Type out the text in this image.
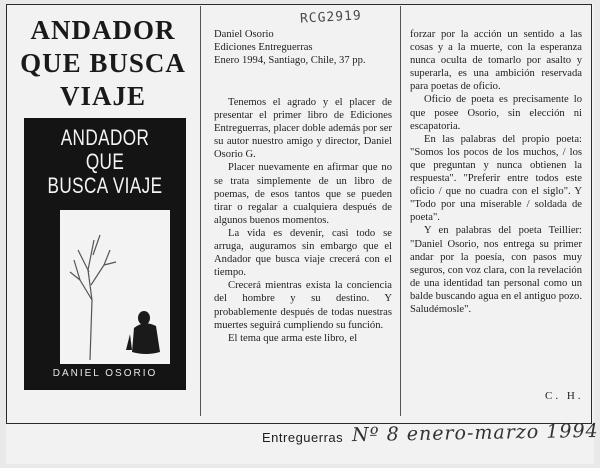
RCG2919
ANDADOR
QUE BUSCA
VIAJE
ANDADOR
QUE
BUSCA VIAJE
DANIEL OSORIO
Daniel Osorio
Ediciones Entreguerras
Enero 1994, Santiago, Chile, 37 pp.

Tenemos el agrado y el placer de presentar el primer libro de Ediciones Entreguerras, placer doble además por ser su autor nuestro amigo y director, Daniel Osorio G.

Placer nuevamente en afirmar que no se trata simplemente de un libro de poemas, de esos tantos que se pueden tirar o regalar a cualquiera después de algunos buenos momentos.

La vida es devenir, casi todo se arruga, auguramos sin embargo que el Andador que busca viaje crecerá con el tiempo.

Crecerá mientras exista la conciencia del hombre y su destino. Y probablemente después de todas nuestras muertes seguirá cumpliendo su función.

El tema que arma este libro, el

forzar por la acción un sentido a las cosas y a la muerte, con la esperanza nunca oculta de tomarlo por asalto y superarla, es una ambición reservada para poetas de oficio.

Oficio de poeta es precisamente lo que posee Osorio, sin elección ni escapatoria.

En las palabras del propio poeta: "Somos los pocos de los muchos, / los que preguntan y nunca obtienen la respuesta". "Preferir entre todos este oficio / que no cuadra con el siglo". Y "Todo por una miserable / soldada de poeta".

Y en palabras del poeta Teillier: "Daniel Osorio, nos entrega su primer andar por la poesía, con pasos muy seguros, con voz clara, con la revelación de una identidad tan personal como un balde buscando agua en el antiguo pozo. Saludémosle".

C. H.
Entreguerras Nº 8 enero-marzo 1994
